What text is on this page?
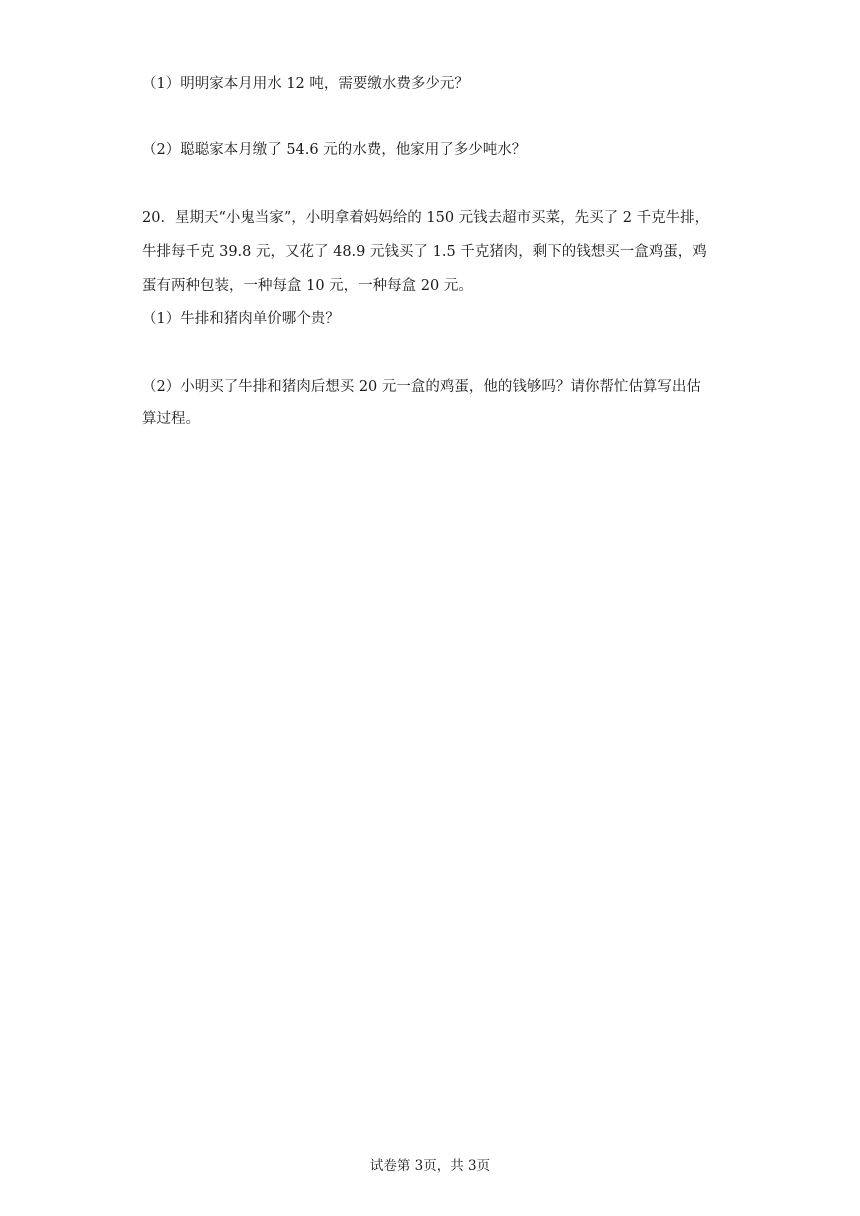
（1）明明家本月用水 12 吨，需要缴水费多少元？
（2）聪聪家本月缴了 54.6 元的水费，他家用了多少吨水？
20．星期天“小鬼当家”，小明拿着妈妈给的 150 元钱去超市买菜，先买了 2 千克牛排，
牛排每千克 39.8 元，又花了 48.9 元钱买了 1.5 千克猪肉，剩下的钱想买一盒鸡蛋，鸡
蛋有两种包装，一种每盒 10 元，一种每盒 20 元。
（1）牛排和猪肉单价哪个贵？
（2）小明买了牛排和猪肉后想买 20 元一盒的鸡蛋，他的钱够吗？请你帮忙估算写出估
算过程。
试卷第 3页，共 3页
